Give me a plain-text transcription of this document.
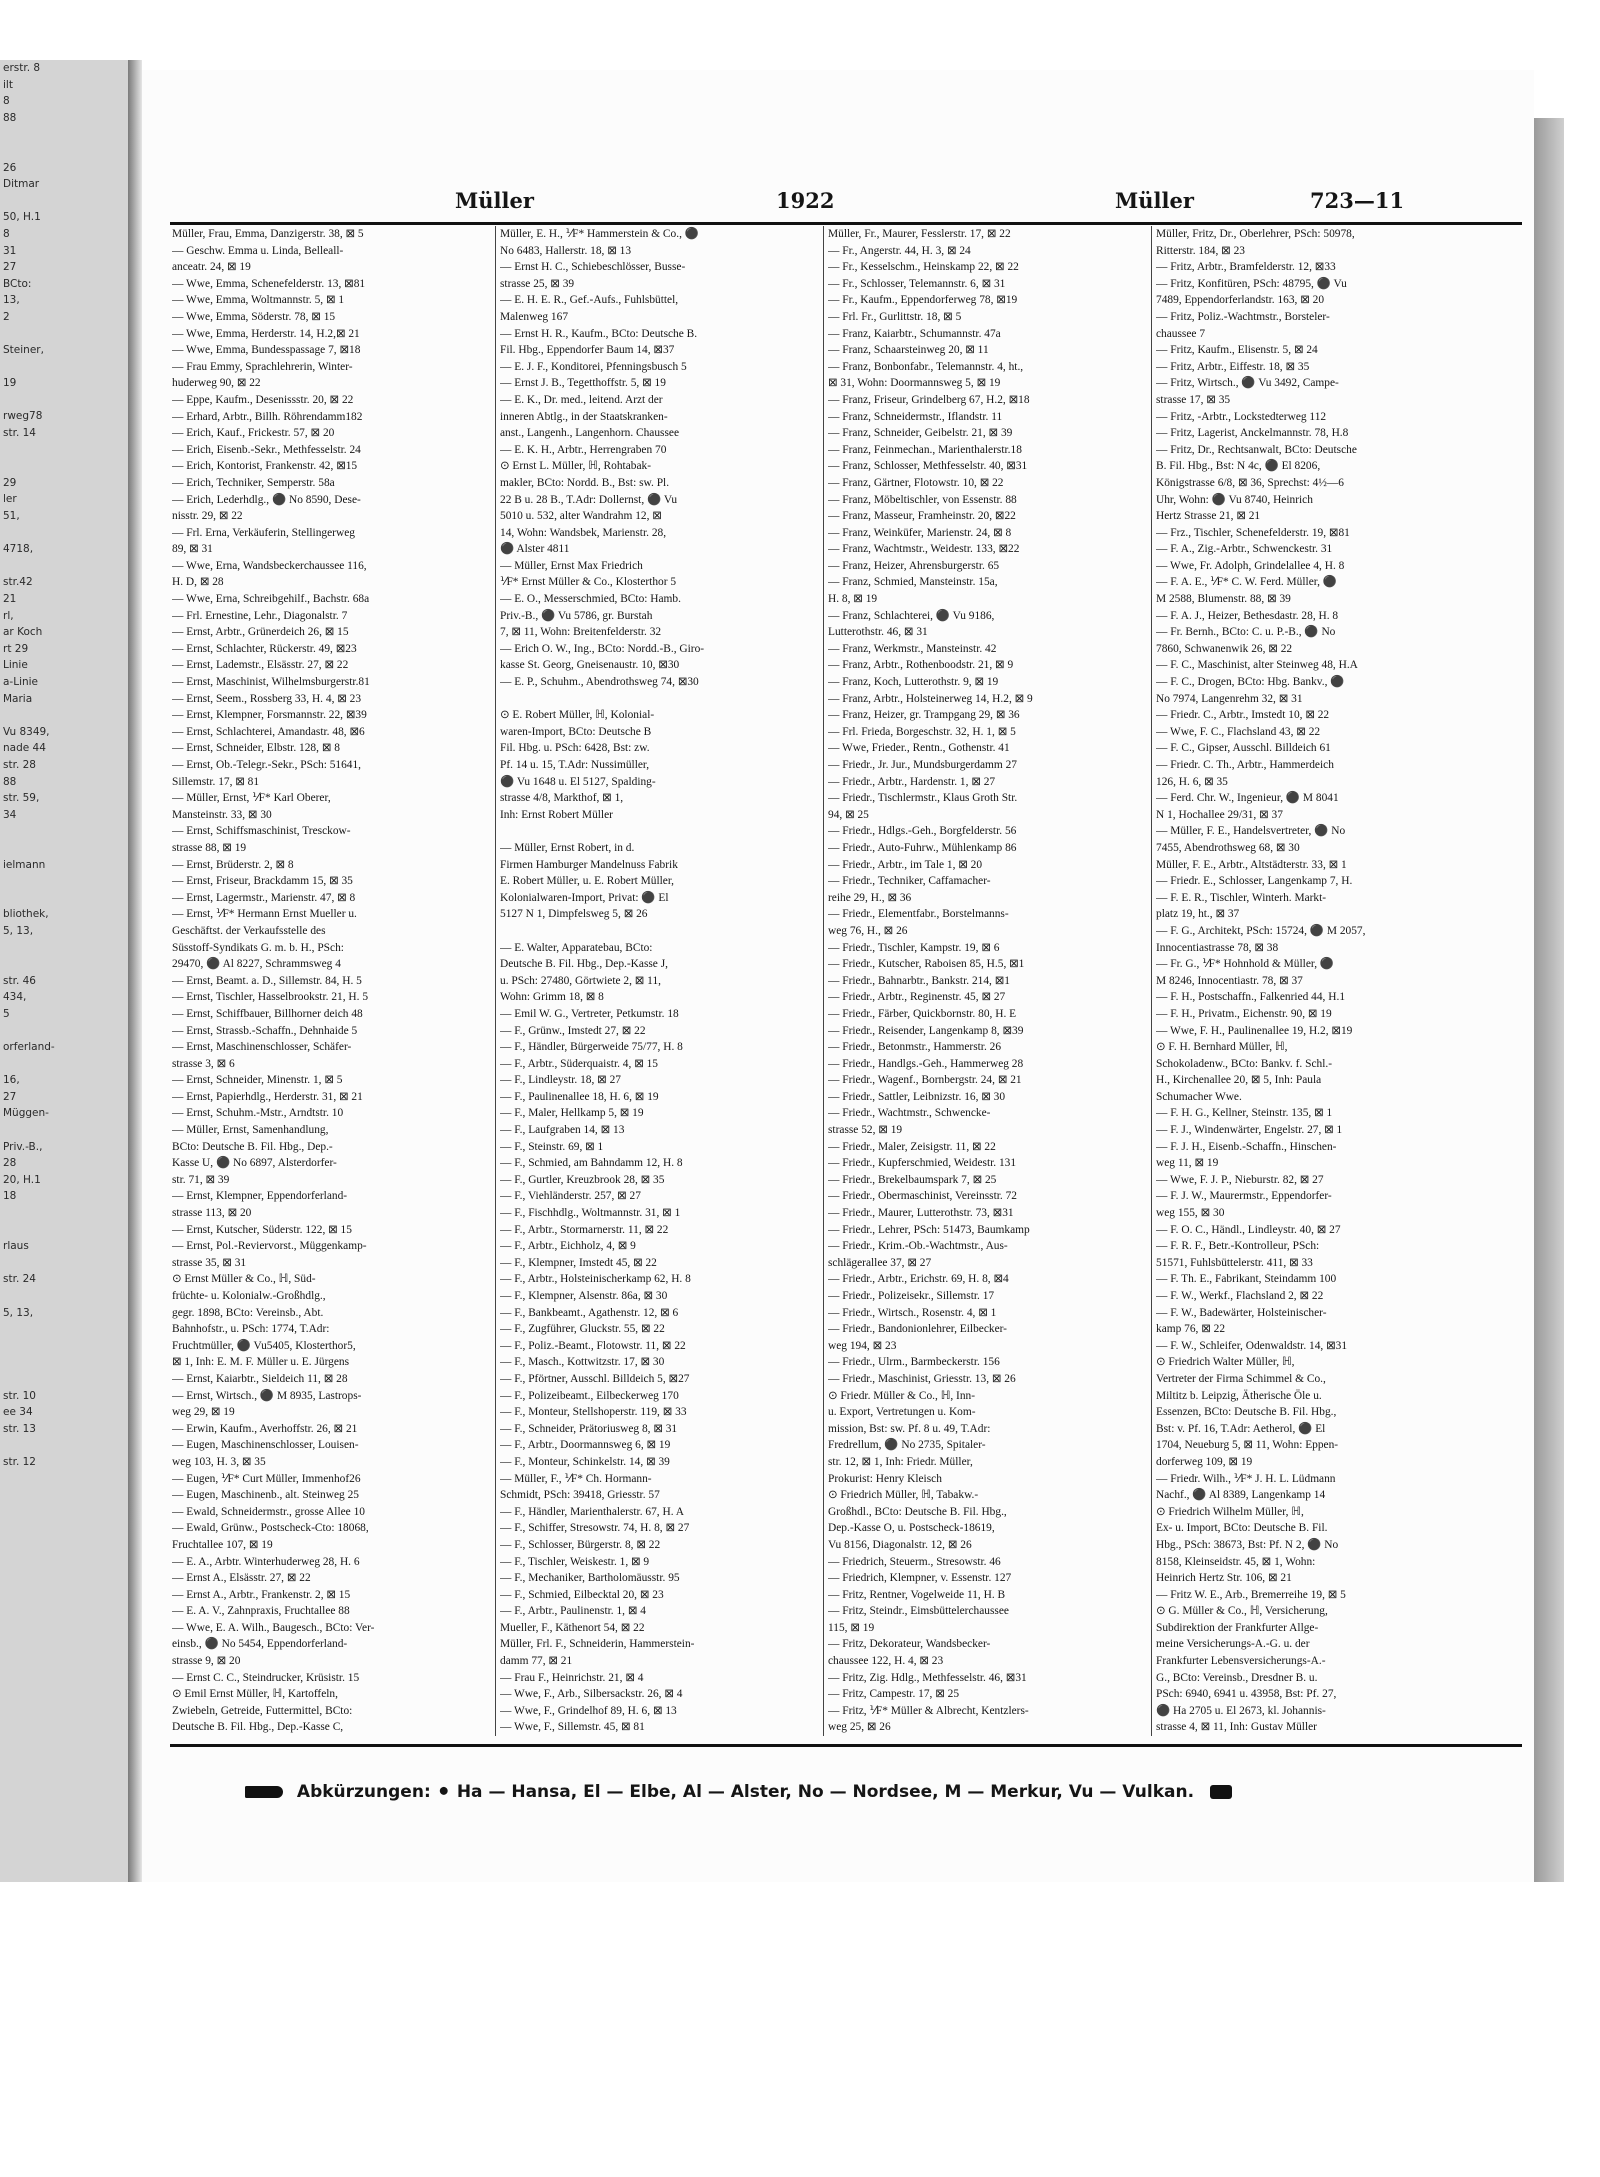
erstr. 8
ilt
8
88

26
Ditmar

50, H.1
8
31
27
BCto:
13,
2

Steiner,

19

rweg78
str. 14

29
ler
51,

4718,

str.42
21
rl,
ar Koch
rt 29
Linie
a-Linie
Maria

Vu 8349,
nade 44
str. 28
88
str. 59,
34

ielmann

bliothek,
5, 13,

str. 46
434,
5

orferland-

16,
27
Müggen-

Priv.-B.,
28
20, H.1
18

rlaus

str. 24

5, 13,

str. 10
ee 34
str. 13

str. 12
Müller	1922	Müller	723—11
Müller, Frau, Emma, Danzigerstr. 38, ⊠ 5
— Geschw. Emma u. Linda, Belleall-
anceatr. 24, ⊠ 19
— Wwe, Emma, Schenefelderstr. 13, ⊠81
— Wwe, Emma, Woltmannstr. 5, ⊠ 1
— Wwe, Emma, Söderstr. 78, ⊠ 15
— Wwe, Emma, Herderstr. 14, H.2,⊠ 21
— Wwe, Emma, Bundesspassage 7, ⊠18
— Frau Emmy, Sprachlehrerin, Winter-
huderweg 90, ⊠ 22
— Eppe, Kaufm., Desenissstr. 20, ⊠ 22
— Erhard, Arbtr., Billh. Röhrendamm182
— Erich, Kauf., Frickestr. 57, ⊠ 20
— Erich, Eisenb.-Sekr., Methfesselstr. 24
— Erich, Kontorist, Frankenstr. 42, ⊠15
— Erich, Techniker, Semperstr. 58a
— Erich, Lederhdlg., ⚫ No 8590, Dese-
nisstr. 29, ⊠ 22
— Frl. Erna, Verkäuferin, Stellingerweg
89, ⊠ 31
— Wwe, Erna, Wandsbeckerchaussee 116,
H. D, ⊠ 28
— Wwe, Erna, Schreibgehilf., Bachstr. 68a
— Frl. Ernestine, Lehr., Diagonalstr. 7
— Ernst, Arbtr., Grünerdeich 26, ⊠ 15
— Ernst, Schlachter, Rückerstr. 49, ⊠23
— Ernst, Lademstr., Elsässtr. 27, ⊠ 22
— Ernst, Maschinist, Wilhelmsburgerstr.81
— Ernst, Seem., Rossberg 33, H. 4, ⊠ 23
— Ernst, Klempner, Forsmannstr. 22, ⊠39
— Ernst, Schlachterei, Amandastr. 48, ⊠6
— Ernst, Schneider, Elbstr. 128, ⊠ 8
— Ernst, Ob.-Telegr.-Sekr., PSch: 51641,
Sillemstr. 17, ⊠ 81
— Müller, Ernst, ⅟F* Karl Oberer,
Mansteinstr. 33, ⊠ 30
— Ernst, Schiffsmaschinist, Tresckow-
strasse 88, ⊠ 19
— Ernst, Brüderstr. 2, ⊠ 8
— Ernst, Friseur, Brackdamm 15, ⊠ 35
— Ernst, Lagermstr., Marienstr. 47, ⊠ 8
— Ernst, ⅟F* Hermann Ernst Mueller u.
Geschäftst. der Verkaufsstelle des
Süsstoff-Syndikats G. m. b. H., PSch:
29470, ⚫ Al 8227, Schrammsweg 4
— Ernst, Beamt. a. D., Sillemstr. 84, H. 5
— Ernst, Tischler, Hasselbrookstr. 21, H. 5
— Ernst, Schiffbauer, Billhorner deich 48
— Ernst, Strassb.-Schaffn., Dehnhaide 5
— Ernst, Maschinenschlosser, Schäfer-
strasse 3, ⊠ 6
— Ernst, Schneider, Minenstr. 1, ⊠ 5
— Ernst, Papierhdlg., Herderstr. 31, ⊠ 21
— Ernst, Schuhm.-Mstr., Arndtstr. 10
— Müller, Ernst, Samenhandlung,
BCto: Deutsche B. Fil. Hbg., Dep.-
Kasse U, ⚫ No 6897, Alsterdorfer-
str. 71, ⊠ 39
— Ernst, Klempner, Eppendorferland-
strasse 113, ⊠ 20
— Ernst, Kutscher, Süderstr. 122, ⊠ 15
— Ernst, Pol.-Reviervorst., Müggenkamp-
strasse 35, ⊠ 31
⊙ Ernst Müller & Co., ℍ, Süd-
früchte- u. Kolonialw.-Großhdlg.,
gegr. 1898, BCto: Vereinsb., Abt.
Bahnhofstr., u. PSch: 1774, T.Adr:
Fruchtmüller, ⚫ Vu5405, Klosterthor5,
⊠ 1, Inh: E. M. F. Müller u. E. Jürgens
— Ernst, Kaiarbtr., Sieldeich 11, ⊠ 28
— Ernst, Wirtsch., ⚫ M 8935, Lastrops-
weg 29, ⊠ 19
— Erwin, Kaufm., Averhoffstr. 26, ⊠ 21
— Eugen, Maschinenschlosser, Louisen-
weg 103, H. 3, ⊠ 35
— Eugen, ⅟F* Curt Müller, Immenhof26
— Eugen, Maschinenb., alt. Steinweg 25
— Ewald, Schneidermstr., grosse Allee 10
— Ewald, Grünw., Postscheck-Cto: 18068,
Fruchtallee 107, ⊠ 19
— E. A., Arbtr. Winterhuderweg 28, H. 6
— Ernst A., Elsässtr. 27, ⊠ 22
— Ernst A., Arbtr., Frankenstr. 2, ⊠ 15
— E. A. V., Zahnpraxis, Fruchtallee 88
— Wwe, E. A. Wilh., Baugesch., BCto: Ver-
einsb., ⚫ No 5454, Eppendorferland-
strasse 9, ⊠ 20
— Ernst C. C., Steindrucker, Krüsistr. 15
⊙ Emil Ernst Müller, ℍ, Kartoffeln,
Zwiebeln, Getreide, Futtermittel, BCto:
Deutsche B. Fil. Hbg., Dep.-Kasse C,
Müller, E. H., ⅟F* Hammerstein & Co., ⚫
No 6483, Hallerstr. 18, ⊠ 13
— Ernst H. C., Schiebeschlösser, Busse-
strasse 25, ⊠ 39
— E. H. E. R., Gef.-Aufs., Fuhlsbüttel,
Malenweg 167
— Ernst H. R., Kaufm., BCto: Deutsche B.
Fil. Hbg., Eppendorfer Baum 14, ⊠37
— E. J. F., Konditorei, Pfenningsbusch 5
— Ernst J. B., Tegetthoffstr. 5, ⊠ 19
— E. K., Dr. med., leitend. Arzt der
inneren Abtlg., in der Staatskranken-
anst., Langenh., Langenhorn. Chaussee
— E. K. H., Arbtr., Herrengraben 70
⊙ Ernst L. Müller, ℍ, Rohtabak-
makler, BCto: Nordd. B., Bst: sw. Pl.
22 B u. 28 B., T.Adr: Dollernst, ⚫ Vu
5010 u. 532, alter Wandrahm 12, ⊠
14, Wohn: Wandsbek, Marienstr. 28,
⚫ Alster 4811
— Müller, Ernst Max Friedrich
⅟F* Ernst Müller & Co., Klosterthor 5
— E. O., Messerschmied, BCto: Hamb.
Priv.-B., ⚫ Vu 5786, gr. Burstah
7, ⊠ 11, Wohn: Breitenfelderstr. 32
— Erich O. W., Ing., BCto: Nordd.-B., Giro-
kasse St. Georg, Gneisenaustr. 10, ⊠30
— E. P., Schuhm., Abendrothsweg 74, ⊠30

⊙ E. Robert Müller, ℍ, Kolonial-
waren-Import, BCto: Deutsche B
Fil. Hbg. u. PSch: 6428, Bst: zw.
Pf. 14 u. 15, T.Adr: Nussimüller,
⚫ Vu 1648 u. El 5127, Spalding-
strasse 4/8, Markthof, ⊠ 1,
Inh: Ernst Robert Müller

— Müller, Ernst Robert, in d.
Firmen Hamburger Mandelnuss Fabrik
E. Robert Müller, u. E. Robert Müller,
Kolonialwaren-Import, Privat: ⚫ El
5127 N 1, Dimpfelsweg 5, ⊠ 26

— E. Walter, Apparatebau, BCto:
Deutsche B. Fil. Hbg., Dep.-Kasse J,
u. PSch: 27480, Görtwiete 2, ⊠ 11,
Wohn: Grimm 18, ⊠ 8
— Emil W. G., Vertreter, Petkumstr. 18
— F., Grünw., Imstedt 27, ⊠ 22
— F., Händler, Bürgerweide 75/77, H. 8
— F., Arbtr., Süderquaistr. 4, ⊠ 15
— F., Lindleystr. 18, ⊠ 27
— F., Paulinenallee 18, H. 6, ⊠ 19
— F., Maler, Hellkamp 5, ⊠ 19
— F., Laufgraben 14, ⊠ 13
— F., Steinstr. 69, ⊠ 1
— F., Schmied, am Bahndamm 12, H. 8
— F., Gurtler, Kreuzbrook 28, ⊠ 35
— F., Viehländerstr. 257, ⊠ 27
— F., Fischhdlg., Woltmannstr. 31, ⊠ 1
— F., Arbtr., Stormarnerstr. 11, ⊠ 22
— F., Arbtr., Eichholz, 4, ⊠ 9
— F., Klempner, Imstedt 45, ⊠ 22
— F., Arbtr., Holsteinischerkamp 62, H. 8
— F., Klempner, Alsenstr. 86a, ⊠ 30
— F., Bankbeamt., Agathenstr. 12, ⊠ 6
— F., Zugführer, Gluckstr. 55, ⊠ 22
— F., Poliz.-Beamt., Flotowstr. 11, ⊠ 22
— F., Masch., Kottwitzstr. 17, ⊠ 30
— F., Pförtner, Ausschl. Billdeich 5, ⊠27
— F., Polizeibeamt., Eilbeckerweg 170
— F., Monteur, Stellshoperstr. 119, ⊠ 33
— F., Schneider, Prätoriusweg 8, ⊠ 31
— F., Arbtr., Doormannsweg 6, ⊠ 19
— F., Monteur, Schinkelstr. 14, ⊠ 39
— Müller, F., ⅟F* Ch. Hormann-
Schmidt, PSch: 39418, Griesstr. 57
— F., Händler, Marienthalerstr. 67, H. A
— F., Schiffer, Stresowstr. 74, H. 8, ⊠ 27
— F., Schlosser, Bürgerstr. 8, ⊠ 22
— F., Tischler, Weiskestr. 1, ⊠ 9
— F., Mechaniker, Bartholomäusstr. 95
— F., Schmied, Eilbecktal 20, ⊠ 23
— F., Arbtr., Paulinenstr. 1, ⊠ 4
Mueller, F., Käthenort 54, ⊠ 22
Müller, Frl. F., Schneiderin, Hammerstein-
damm 77, ⊠ 21
— Frau F., Heinrichstr. 21, ⊠ 4
— Wwe, F., Arb., Silbersackstr. 26, ⊠ 4
— Wwe, F., Grindelhof 89, H. 6, ⊠ 13
— Wwe, F., Sillemstr. 45, ⊠ 81
Müller, Fr., Maurer, Fesslerstr. 17, ⊠ 22
— Fr., Angerstr. 44, H. 3, ⊠ 24
— Fr., Kesselschm., Heinskamp 22, ⊠ 22
— Fr., Schlosser, Telemannstr. 6, ⊠ 31
— Fr., Kaufm., Eppendorferweg 78, ⊠19
— Frl. Fr., Gurlittstr. 18, ⊠ 5
— Franz, Kaiarbtr., Schumannstr. 47a
— Franz, Schaarsteinweg 20, ⊠ 11
— Franz, Bonbonfabr., Telemannstr. 4, ht.,
⊠ 31, Wohn: Doormannsweg 5, ⊠ 19
— Franz, Friseur, Grindelberg 67, H.2, ⊠18
— Franz, Schneidermstr., Iflandstr. 11
— Franz, Schneider, Geibelstr. 21, ⊠ 39
— Franz, Feinmechan., Marienthalerstr.18
— Franz, Schlosser, Methfesselstr. 40, ⊠31
— Franz, Gärtner, Flotowstr. 10, ⊠ 22
— Franz, Möbeltischler, von Essenstr. 88
— Franz, Masseur, Framheinstr. 20, ⊠22
— Franz, Weinküfer, Marienstr. 24, ⊠ 8
— Franz, Wachtmstr., Weidestr. 133, ⊠22
— Franz, Heizer, Ahrensburgerstr. 65
— Franz, Schmied, Mansteinstr. 15a,
H. 8, ⊠ 19
— Franz, Schlachterei, ⚫ Vu 9186,
Lutterothstr. 46, ⊠ 31
— Franz, Werkmstr., Mansteinstr. 42
— Franz, Arbtr., Rothenboodstr. 21, ⊠ 9
— Franz, Koch, Lutterothstr. 9, ⊠ 19
— Franz, Arbtr., Holsteinerweg 14, H.2, ⊠ 9
— Franz, Heizer, gr. Trampgang 29, ⊠ 36
— Frl. Frieda, Borgeschstr. 32, H. 1, ⊠ 5
— Wwe, Frieder., Rentn., Gothenstr. 41
— Friedr., Jr. Jur., Mundsburgerdamm 27
— Friedr., Arbtr., Hardenstr. 1, ⊠ 27
— Friedr., Tischlermstr., Klaus Groth Str.
94, ⊠ 25
— Friedr., Hdlgs.-Geh., Borgfelderstr. 56
— Friedr., Auto-Fuhrw., Mühlenkamp 86
— Friedr., Arbtr., im Tale 1, ⊠ 20
— Friedr., Techniker, Caffamacher-
reihe 29, H., ⊠ 36
— Friedr., Elementfabr., Borstelmanns-
weg 76, H., ⊠ 26
— Friedr., Tischler, Kampstr. 19, ⊠ 6
— Friedr., Kutscher, Raboisen 85, H.5, ⊠1
— Friedr., Bahnarbtr., Bankstr. 214, ⊠1
— Friedr., Arbtr., Reginenstr. 45, ⊠ 27
— Friedr., Färber, Quickbornstr. 80, H. E
— Friedr., Reisender, Langenkamp 8, ⊠39
— Friedr., Betonmstr., Hammerstr. 26
— Friedr., Handlgs.-Geh., Hammerweg 28
— Friedr., Wagenf., Bornbergstr. 24, ⊠ 21
— Friedr., Sattler, Leibnizstr. 16, ⊠ 30
— Friedr., Wachtmstr., Schwencke-
strasse 52, ⊠ 19
— Friedr., Maler, Zeisigstr. 11, ⊠ 22
— Friedr., Kupferschmied, Weidestr. 131
— Friedr., Brekelbaumspark 7, ⊠ 25
— Friedr., Obermaschinist, Vereinsstr. 72
— Friedr., Maurer, Lutterothstr. 73, ⊠31
— Friedr., Lehrer, PSch: 51473, Baumkamp
— Friedr., Krim.-Ob.-Wachtmstr., Aus-
schlägerallee 37, ⊠ 27
— Friedr., Arbtr., Erichstr. 69, H. 8, ⊠4
— Friedr., Polizeisekr., Sillemstr. 17
— Friedr., Wirtsch., Rosenstr. 4, ⊠ 1
— Friedr., Bandonionlehrer, Eilbecker-
weg 194, ⊠ 23
— Friedr., Ulrm., Barmbeckerstr. 156
— Friedr., Maschinist, Griesstr. 13, ⊠ 26
⊙ Friedr. Müller & Co., ℍ, Inn-
u. Export, Vertretungen u. Kom-
mission, Bst: sw. Pf. 8 u. 49, T.Adr:
Fredrellum, ⚫ No 2735, Spitaler-
str. 12, ⊠ 1, Inh: Friedr. Müller,
Prokurist: Henry Kleisch
⊙ Friedrich Müller, ℍ, Tabakw.-
Großhdl., BCto: Deutsche B. Fil. Hbg.,
Dep.-Kasse O, u. Postscheck-18619,
Vu 8156, Diagonalstr. 12, ⊠ 26
— Friedrich, Steuerm., Stresowstr. 46
— Friedrich, Klempner, v. Essenstr. 127
— Fritz, Rentner, Vogelweide 11, H. B
— Fritz, Steindr., Eimsbüttelerchaussee
115, ⊠ 19
— Fritz, Dekorateur, Wandsbecker-
chaussee 122, H. 4, ⊠ 23
— Fritz, Zig. Hdlg., Methfesselstr. 46, ⊠31
— Fritz, Campestr. 17, ⊠ 25
— Fritz, ⅟F* Müller & Albrecht, Kentzlers-
weg 25, ⊠ 26
Müller, Fritz, Dr., Oberlehrer, PSch: 50978,
Ritterstr. 184, ⊠ 23
— Fritz, Arbtr., Bramfelderstr. 12, ⊠33
— Fritz, Konfitüren, PSch: 48795, ⚫ Vu
7489, Eppendorferlandstr. 163, ⊠ 20
— Fritz, Poliz.-Wachtmstr., Borsteler-
chaussee 7
— Fritz, Kaufm., Elisenstr. 5, ⊠ 24
— Fritz, Arbtr., Eiffestr. 18, ⊠ 35
— Fritz, Wirtsch., ⚫ Vu 3492, Campe-
strasse 17, ⊠ 35
— Fritz, -Arbtr., Lockstedterweg 112
— Fritz, Lagerist, Anckelmannstr. 78, H.8
— Fritz, Dr., Rechtsanwalt, BCto: Deutsche
B. Fil. Hbg., Bst: N 4c, ⚫ El 8206,
Königstrasse 6/8, ⊠ 36, Sprechst: 4½—6
Uhr, Wohn: ⚫ Vu 8740, Heinrich
Hertz Strasse 21, ⊠ 21
— Frz., Tischler, Schenefelderstr. 19, ⊠81
— F. A., Zig.-Arbtr., Schwenckestr. 31
— Wwe, Fr. Adolph, Grindelallee 4, H. 8
— F. A. E., ⅟F* C. W. Ferd. Müller, ⚫
M 2588, Blumenstr. 88, ⊠ 39
— F. A. J., Heizer, Bethesdastr. 28, H. 8
— Fr. Bernh., BCto: C. u. P.-B., ⚫ No
7860, Schwanenwik 26, ⊠ 22
— F. C., Maschinist, alter Steinweg 48, H.A
— F. C., Drogen, BCto: Hbg. Bankv., ⚫
No 7974, Langenrehm 32, ⊠ 31
— Friedr. C., Arbtr., Imstedt 10, ⊠ 22
— Wwe, F. C., Flachsland 43, ⊠ 22
— F. C., Gipser, Ausschl. Billdeich 61
— Friedr. C. Th., Arbtr., Hammerdeich
126, H. 6, ⊠ 35
— Ferd. Chr. W., Ingenieur, ⚫ M 8041
N 1, Hochallee 29/31, ⊠ 37
— Müller, F. E., Handelsvertreter, ⚫ No
7455, Abendrothsweg 68, ⊠ 30
Müller, F. E., Arbtr., Altstädterstr. 33, ⊠ 1
— Friedr. E., Schlosser, Langenkamp 7, H.
— F. E. R., Tischler, Winterh. Markt-
platz 19, ht., ⊠ 37
— F. G., Architekt, PSch: 15724, ⚫ M 2057,
Innocentiastrasse 78, ⊠ 38
— Fr. G., ⅟F* Hohnhold & Müller, ⚫
M 8246, Innocentiastr. 78, ⊠ 37
— F. H., Postschaffn., Falkenried 44, H.1
— F. H., Privatm., Eichenstr. 90, ⊠ 19
— Wwe, F. H., Paulinenallee 19, H.2, ⊠19
⊙ F. H. Bernhard Müller, ℍ,
Schokoladenw., BCto: Bankv. f. Schl.-
H., Kirchenallee 20, ⊠ 5, Inh: Paula
Schumacher Wwe.
— F. H. G., Kellner, Steinstr. 135, ⊠ 1
— F. J., Windenwärter, Engelstr. 27, ⊠ 1
— F. J. H., Eisenb.-Schaffn., Hinschen-
weg 11, ⊠ 19
— Wwe, F. J. P., Nieburstr. 82, ⊠ 27
— F. J. W., Maurermstr., Eppendorfer-
weg 155, ⊠ 30
— F. O. C., Händl., Lindleystr. 40, ⊠ 27
— F. R. F., Betr.-Kontrolleur, PSch:
51571, Fuhlsbüttelerstr. 411, ⊠ 33
— F. Th. E., Fabrikant, Steindamm 100
— F. W., Werkf., Flachsland 2, ⊠ 22
— F. W., Badewärter, Holsteinischer-
kamp 76, ⊠ 22
— F. W., Schleifer, Odenwaldstr. 14, ⊠31
⊙ Friedrich Walter Müller, ℍ,
Vertreter der Firma Schimmel & Co.,
Miltitz b. Leipzig, Ätherische Öle u.
Essenzen, BCto: Deutsche B. Fil. Hbg.,
Bst: v. Pf. 16, T.Adr: Aetherol, ⚫ El
1704, Neueburg 5, ⊠ 11, Wohn: Eppen-
dorferweg 109, ⊠ 19
— Friedr. Wilh., ⅟F* J. H. L. Lüdmann
Nachf., ⚫ Al 8389, Langenkamp 14
⊙ Friedrich Wilhelm Müller, ℍ,
Ex- u. Import, BCto: Deutsche B. Fil.
Hbg., PSch: 38673, Bst: Pf. N 2, ⚫ No
8158, Kleinseidstr. 45, ⊠ 1, Wohn:
Heinrich Hertz Str. 106, ⊠ 21
— Fritz W. E., Arb., Bremerreihe 19, ⊠ 5
⊙ G. Müller & Co., ℍ, Versicherung,
Subdirektion der Frankfurter Allge-
meine Versicherungs-A.-G. u. der
Frankfurter Lebensversicherungs-A.-
G., BCto: Vereinsb., Dresdner B. u.
PSch: 6940, 6941 u. 43958, Bst: Pf. 27,
⚫ Ha 2705 u. El 2673, kl. Johannis-
strasse 4, ⊠ 11, Inh: Gustav Müller
Abkürzungen: ⚫ Ha — Hansa, El — Elbe, Al — Alster, No — Nordsee, M — Merkur, Vu — Vulkan.
